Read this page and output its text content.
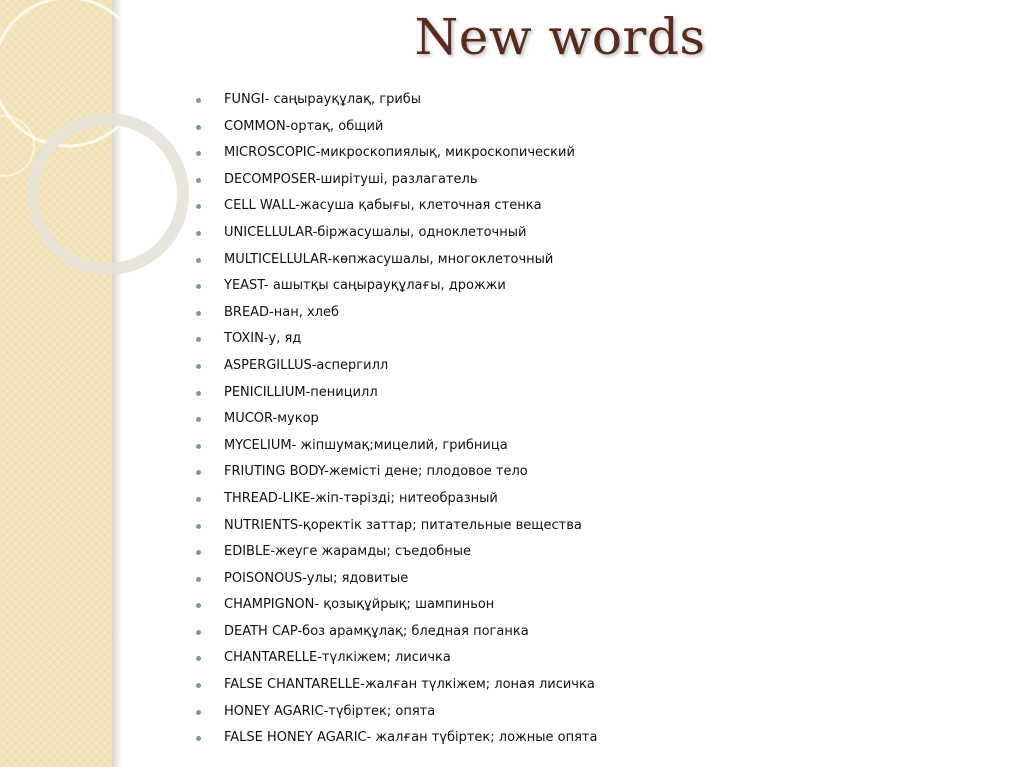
New words
FUNGI- саңырауқұлақ, грибы
COMMON-ортақ, общий
MICROSCOPIC-микроскопиялық, микроскопический
DECOMPOSER-ширітуші, разлагатель
CELL WALL-жасуша қабығы, клеточная стенка
UNICELLULAR-біржасушалы, одноклеточный
MULTICELLULAR-көпжасушалы, многоклеточный
YEAST- ашытқы саңырауқұлағы, дрожжи
BREAD-нан, хлеб
TOXIN-у, яд
ASPERGILLUS-аспергилл
PENICILLIUM-пеницилл
MUCOR-мукор
MYCELIUM- жіпшумақ;мицелий, грибница
FRIUTING BODY-жемісті дене; плодовое тело
THREAD-LIKE-жіп-тәрізді; нитеобразный
NUTRIENTS-қоректік заттар; питательные вещества
EDIBLE-жеуге жарамды; съедобные
POISONOUS-улы; ядовитые
CHAMPIGNON- қозықұйрық; шампиньон
DEATH CAP-боз арамқұлақ; бледная поганка
CHANTARELLE-түлкіжем; лисичка
FALSE CHANTARELLE-жалған түлкіжем; лоная лисичка
HONEY AGARIC-түбіртек; опята
FALSE HONEY AGARIC- жалған түбіртек; ложные опята
